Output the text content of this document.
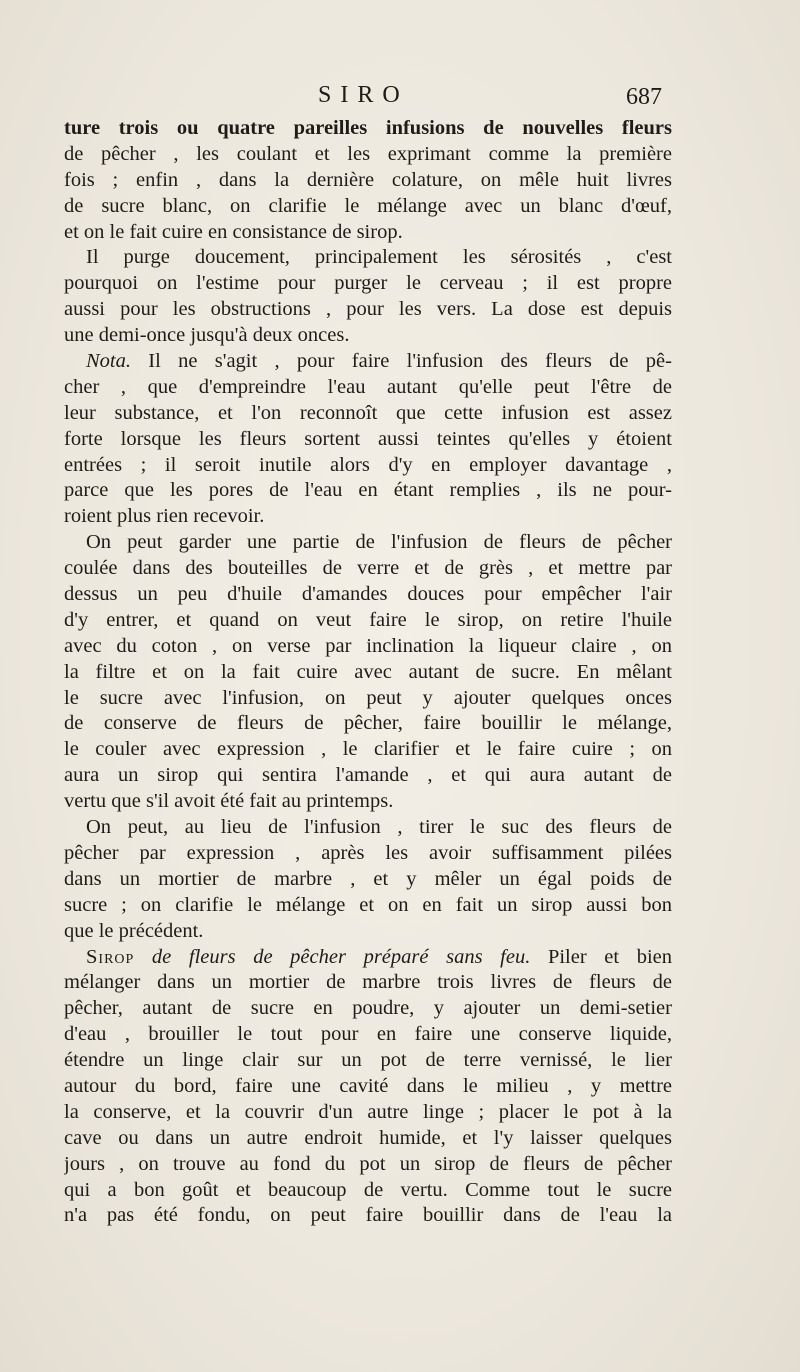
SIRO	687
ture trois ou quatre pareilles infusions de nouvelles fleurs
de pêcher , les coulant et les exprimant comme la première
fois ; enfin , dans la dernière colature, on mêle huit livres
de sucre blanc, on clarifie le mélange avec un blanc d'œuf,
et on le fait cuire en consistance de sirop.
Il purge doucement, principalement les sérosités , c'est
pourquoi on l'estime pour purger le cerveau ; il est propre
aussi pour les obstructions , pour les vers. La dose est depuis
une demi-once jusqu'à deux onces.
Nota. Il ne s'agit , pour faire l'infusion des fleurs de pê-
cher , que d'empreindre l'eau autant qu'elle peut l'être de
leur substance, et l'on reconnoît que cette infusion est assez
forte lorsque les fleurs sortent aussi teintes qu'elles y étoient
entrées ; il seroit inutile alors d'y en employer davantage ,
parce que les pores de l'eau en étant remplies , ils ne pour-
roient plus rien recevoir.
On peut garder une partie de l'infusion de fleurs de pêcher
coulée dans des bouteilles de verre et de grès , et mettre par
dessus un peu d'huile d'amandes douces pour empêcher l'air
d'y entrer, et quand on veut faire le sirop, on retire l'huile
avec du coton , on verse par inclination la liqueur claire , on
la filtre et on la fait cuire avec autant de sucre. En mêlant
le sucre avec l'infusion, on peut y ajouter quelques onces
de conserve de fleurs de pêcher, faire bouillir le mélange,
le couler avec expression , le clarifier et le faire cuire ; on
aura un sirop qui sentira l'amande , et qui aura autant de
vertu que s'il avoit été fait au printemps.
On peut, au lieu de l'infusion , tirer le suc des fleurs de
pêcher par expression , après les avoir suffisamment pilées
dans un mortier de marbre , et y mêler un égal poids de
sucre ; on clarifie le mélange et on en fait un sirop aussi bon
que le précédent.
Sirop de fleurs de pêcher préparé sans feu. Piler et bien
mélanger dans un mortier de marbre trois livres de fleurs de
pêcher, autant de sucre en poudre, y ajouter un demi-setier
d'eau , brouiller le tout pour en faire une conserve liquide,
étendre un linge clair sur un pot de terre vernissé, le lier
autour du bord, faire une cavité dans le milieu , y mettre
la conserve, et la couvrir d'un autre linge ; placer le pot à la
cave ou dans un autre endroit humide, et l'y laisser quelques
jours , on trouve au fond du pot un sirop de fleurs de pêcher
qui a bon goût et beaucoup de vertu. Comme tout le sucre
n'a pas été fondu, on peut faire bouillir dans de l'eau la
